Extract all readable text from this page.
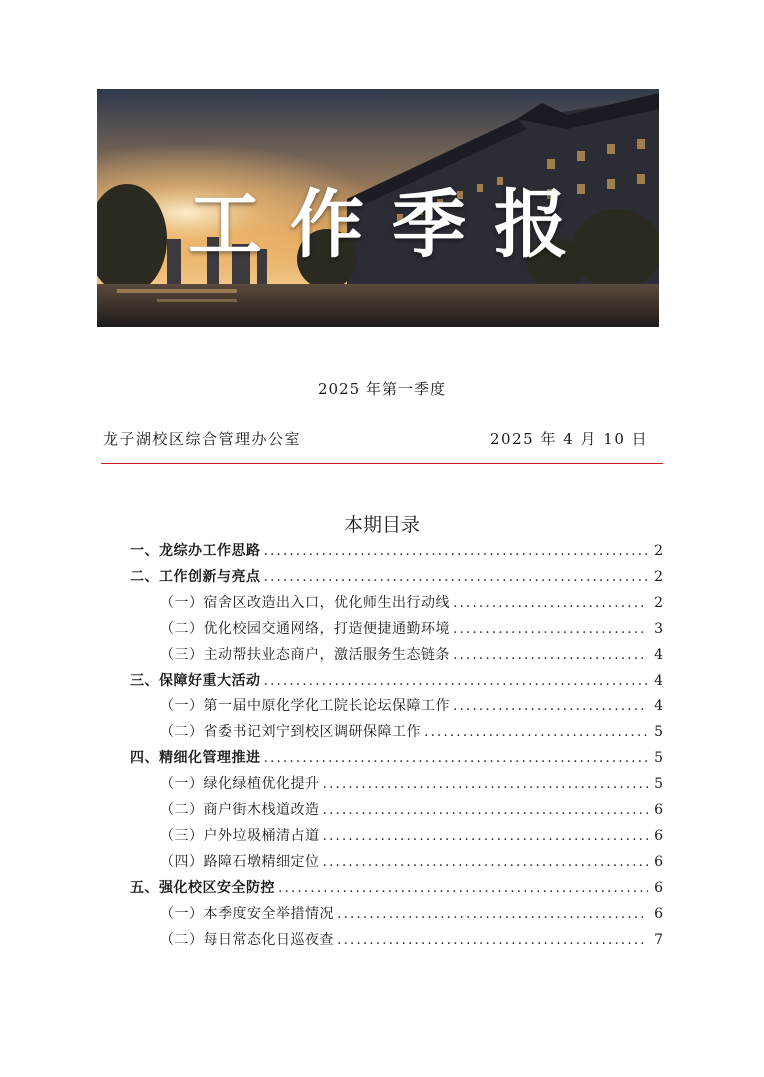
工 作 季 报
2025 年第一季度
龙子湖校区综合管理办公室	2025 年 4 月 10 日
本期目录
一、龙综办工作思路 .....	2
二、工作创新与亮点 .....	2
（一）宿舍区改造出入口，优化师生出行动线 .....	2
（二）优化校园交通网络，打造便捷通勤环境 .....	3
（三）主动帮扶业态商户，激活服务生态链条 .....	4
三、保障好重大活动 .....	4
（一）第一届中原化学化工院长论坛保障工作 .....	4
（二）省委书记刘宁到校区调研保障工作 .....	5
四、精细化管理推进 .....	5
（一）绿化绿植优化提升 .....	5
（二）商户街木栈道改造 .....	6
（三）户外垃圾桶清占道 .....	6
（四）路障石墩精细定位 .....	6
五、强化校区安全防控 .....	6
（一）本季度安全举措情况 .....	6
（二）每日常态化日巡夜查 .....	7
